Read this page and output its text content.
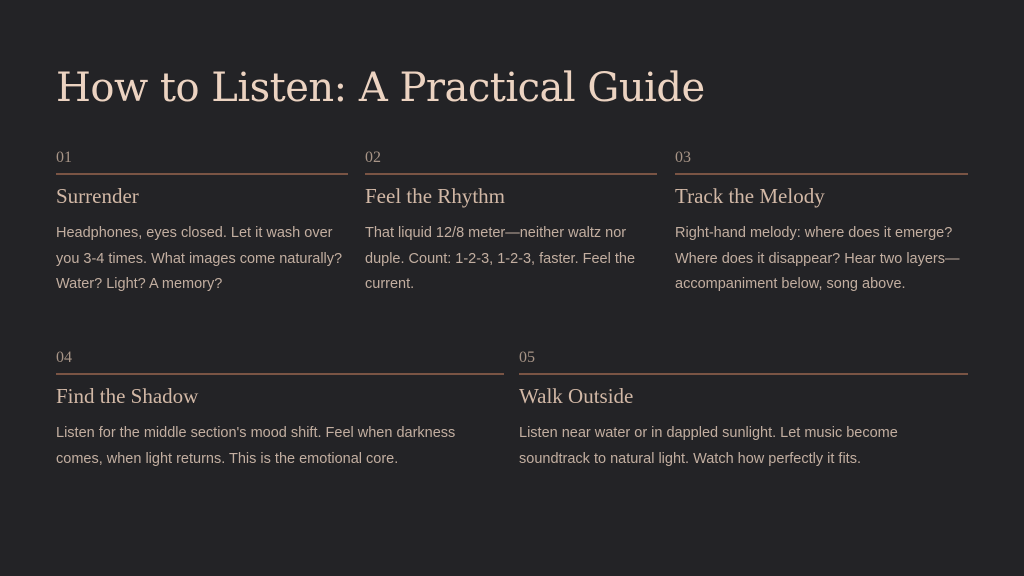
How to Listen: A Practical Guide
01
Surrender

Headphones, eyes closed. Let it wash over you 3-4 times. What images come naturally? Water? Light? A memory?

02
Feel the Rhythm

That liquid 12/8 meter—neither waltz nor duple. Count: 1-2-3, 1-2-3, faster. Feel the current.

03
Track the Melody

Right-hand melody: where does it emerge? Where does it disappear? Hear two layers—accompaniment below, song above.

04
Find the Shadow

Listen for the middle section's mood shift. Feel when darkness comes, when light returns. This is the emotional core.

05
Walk Outside

Listen near water or in dappled sunlight. Let music become soundtrack to natural light. Watch how perfectly it fits.
